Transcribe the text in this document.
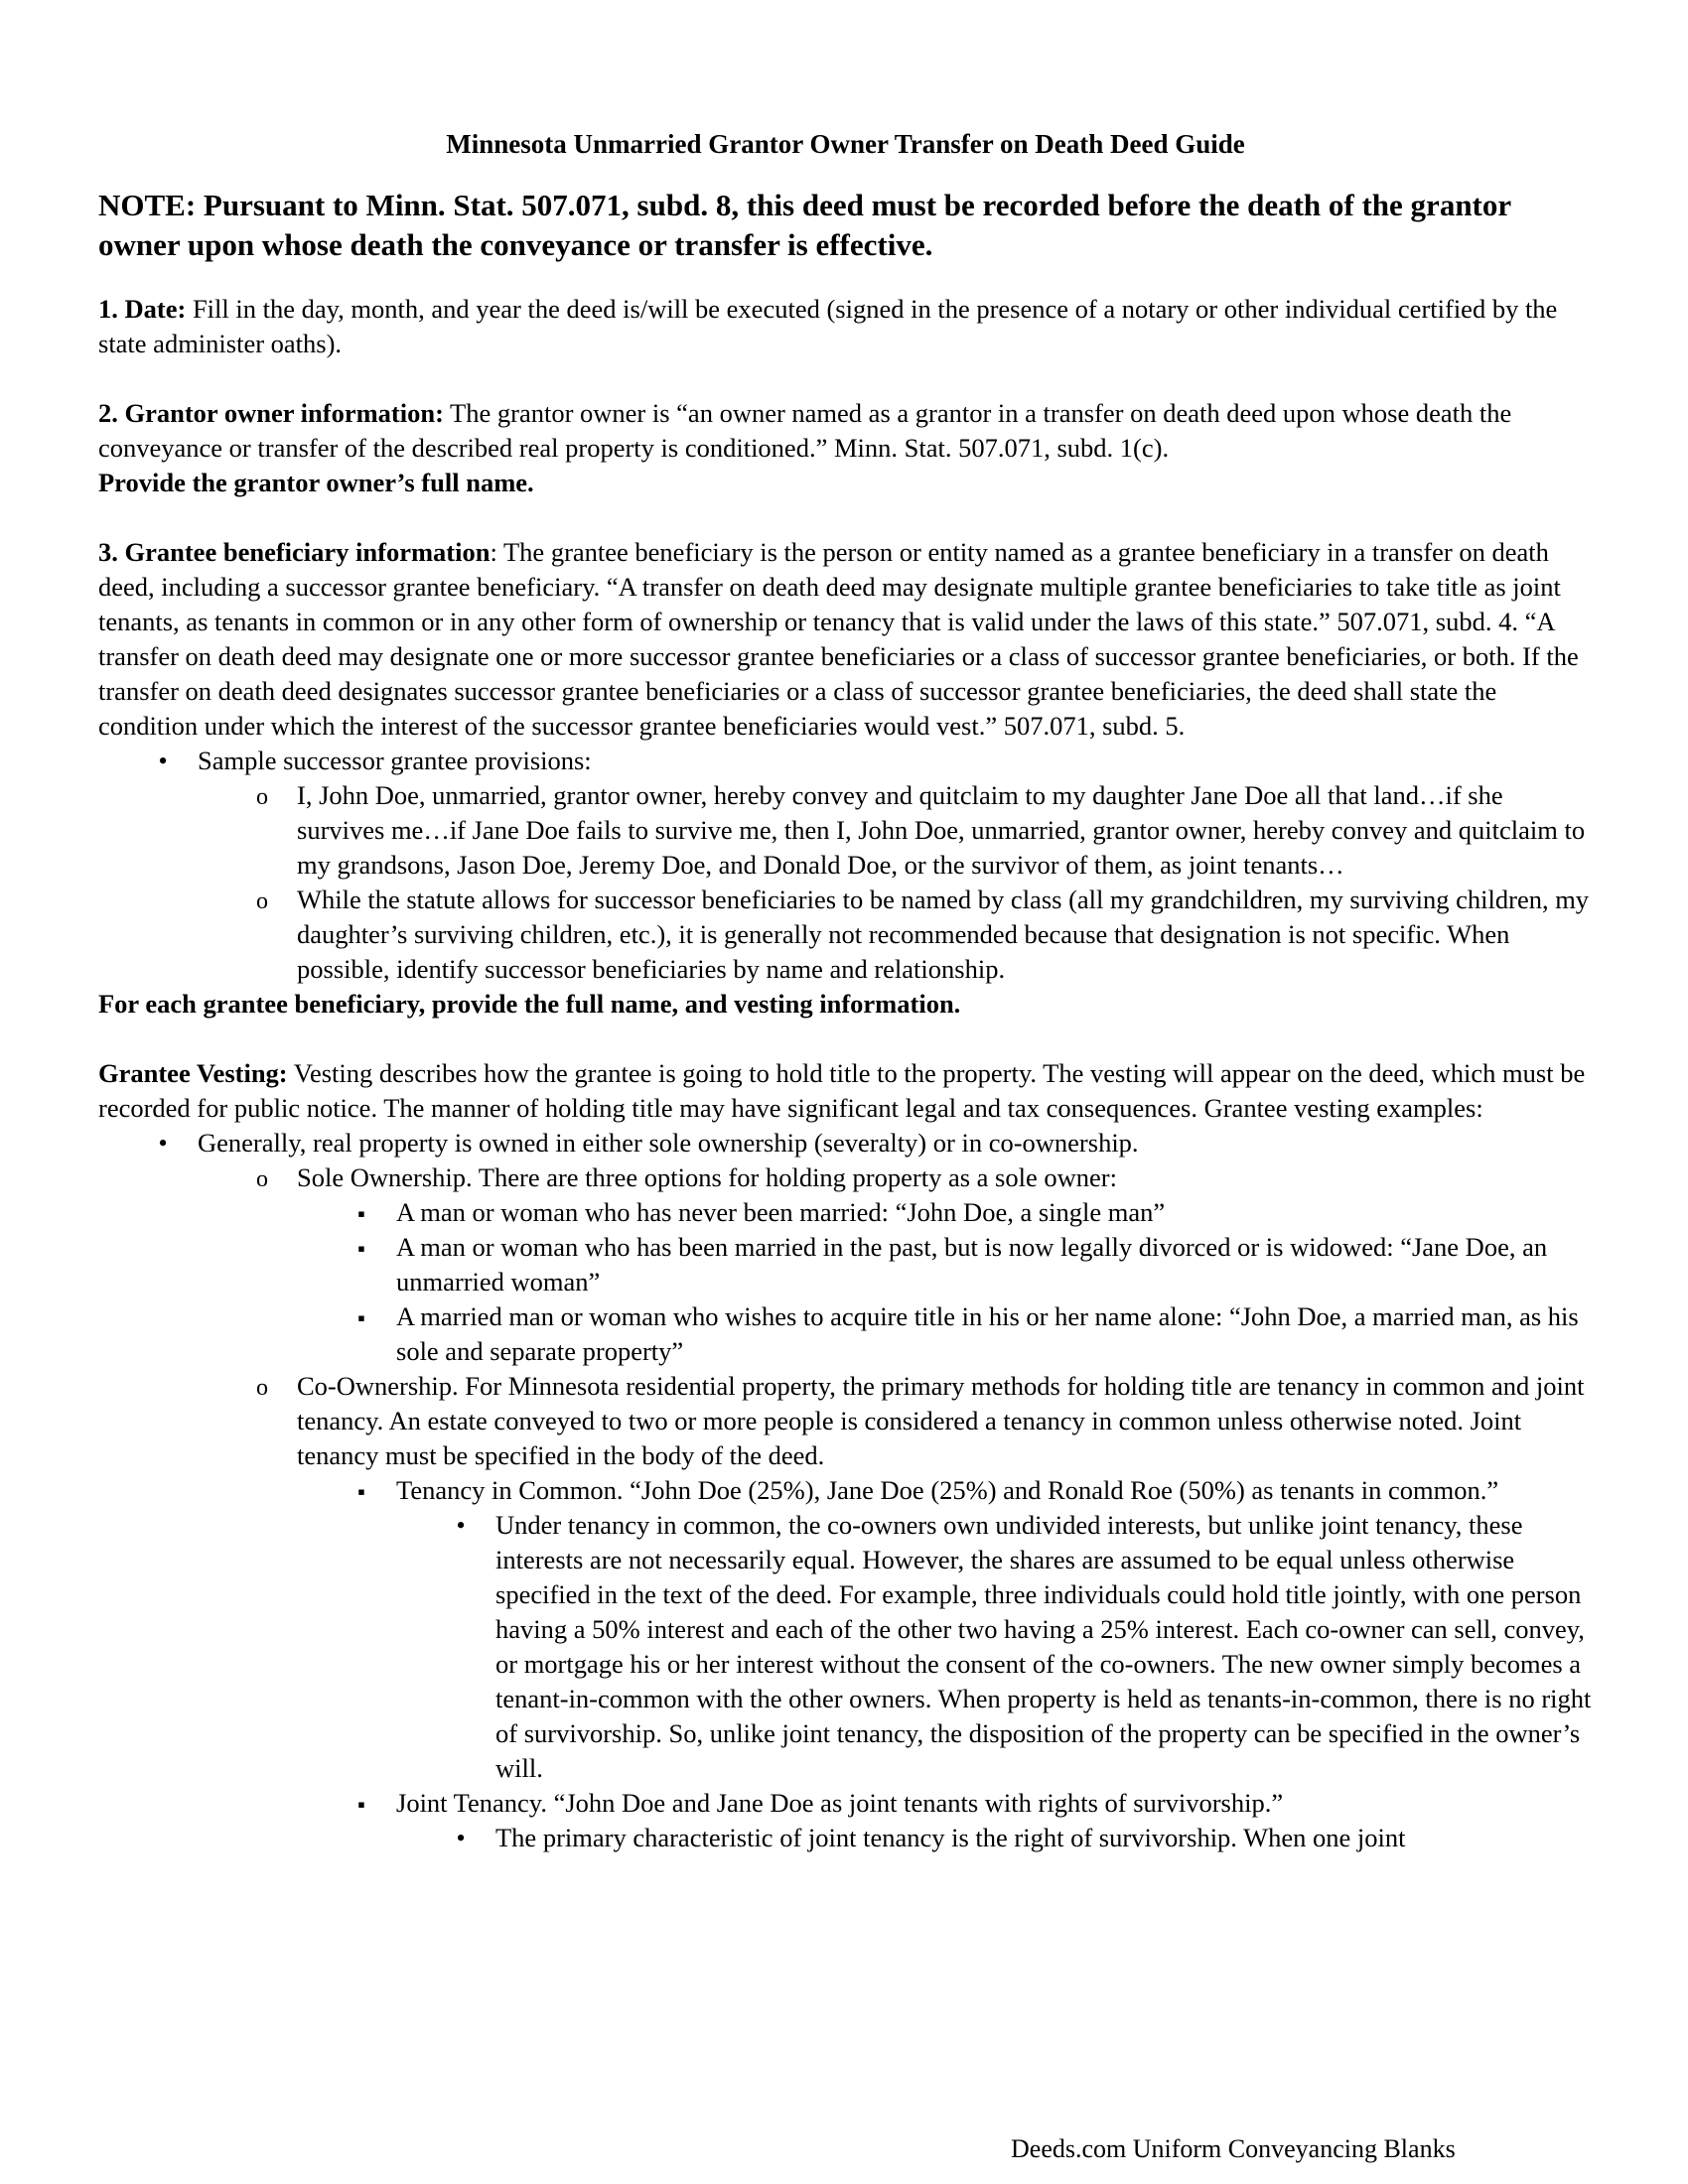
Minnesota Unmarried Grantor Owner Transfer on Death Deed Guide

NOTE: Pursuant to Minn. Stat. 507.071, subd. 8, this deed must be recorded before the death of the grantor owner upon whose death the conveyance or transfer is effective.

1. Date: Fill in the day, month, and year the deed is/will be executed (signed in the presence of a notary or other individual certified by the state administer oaths).

2. Grantor owner information: The grantor owner is “an owner named as a grantor in a transfer on death deed upon whose death the conveyance or transfer of the described real property is conditioned.” Minn. Stat. 507.071, subd. 1(c).

Provide the grantor owner’s full name.

3. Grantee beneficiary information: The grantee beneficiary is the person or entity named as a grantee beneficiary in a transfer on death deed, including a successor grantee beneficiary. “A transfer on death deed may designate multiple grantee beneficiaries to take title as joint tenants, as tenants in common or in any other form of ownership or tenancy that is valid under the laws of this state.” 507.071, subd. 4. “A transfer on death deed may designate one or more successor grantee beneficiaries or a class of successor grantee beneficiaries, or both. If the transfer on death deed designates successor grantee beneficiaries or a class of successor grantee beneficiaries, the deed shall state the condition under which the interest of the successor grantee beneficiaries would vest.” 507.071, subd. 5.

•
Sample successor grantee provisions:
o
I, John Doe, unmarried, grantor owner, hereby convey and quitclaim to my daughter Jane Doe all that land…if she survives me…if Jane Doe fails to survive me, then I, John Doe, unmarried, grantor owner, hereby convey and quitclaim to my grandsons, Jason Doe, Jeremy Doe, and Donald Doe, or the survivor of them, as joint tenants…
o
While the statute allows for successor beneficiaries to be named by class (all my grandchildren, my surviving children, my daughter’s surviving children, etc.), it is generally not recommended because that designation is not specific. When possible, identify successor beneficiaries by name and relationship.

For each grantee beneficiary, provide the full name, and vesting information.

Grantee Vesting: Vesting describes how the grantee is going to hold title to the property. The vesting will appear on the deed, which must be recorded for public notice. The manner of holding title may have significant legal and tax consequences. Grantee vesting examples:

•
Generally, real property is owned in either sole ownership (severalty) or in co-ownership.
o
Sole Ownership. There are three options for holding property as a sole owner:
▪
A man or woman who has never been married: “John Doe, a single man”
▪
A man or woman who has been married in the past, but is now legally divorced or is widowed: “Jane Doe, an unmarried woman”
▪
A married man or woman who wishes to acquire title in his or her name alone: “John Doe, a married man, as his sole and separate property”
o
Co-Ownership. For Minnesota residential property, the primary methods for holding title are tenancy in common and joint tenancy. An estate conveyed to two or more people is considered a tenancy in common unless otherwise noted. Joint tenancy must be specified in the body of the deed.
▪
Tenancy in Common. “John Doe (25%), Jane Doe (25%) and Ronald Roe (50%) as tenants in common.”
•
Under tenancy in common, the co-owners own undivided interests, but unlike joint tenancy, these interests are not necessarily equal. However, the shares are assumed to be equal unless otherwise specified in the text of the deed. For example, three individuals could hold title jointly, with one person having a 50% interest and each of the other two having a 25% interest. Each co-owner can sell, convey, or mortgage his or her interest without the consent of the co-owners. The new owner simply becomes a tenant-in-common with the other owners. When property is held as tenants-in-common, there is no right of survivorship. So, unlike joint tenancy, the disposition of the property can be specified in the owner’s will.
▪
Joint Tenancy. “John Doe and Jane Doe as joint tenants with rights of survivorship.”
•
The primary characteristic of joint tenancy is the right of survivorship. When one joint
Deeds.com Uniform Conveyancing Blanks
